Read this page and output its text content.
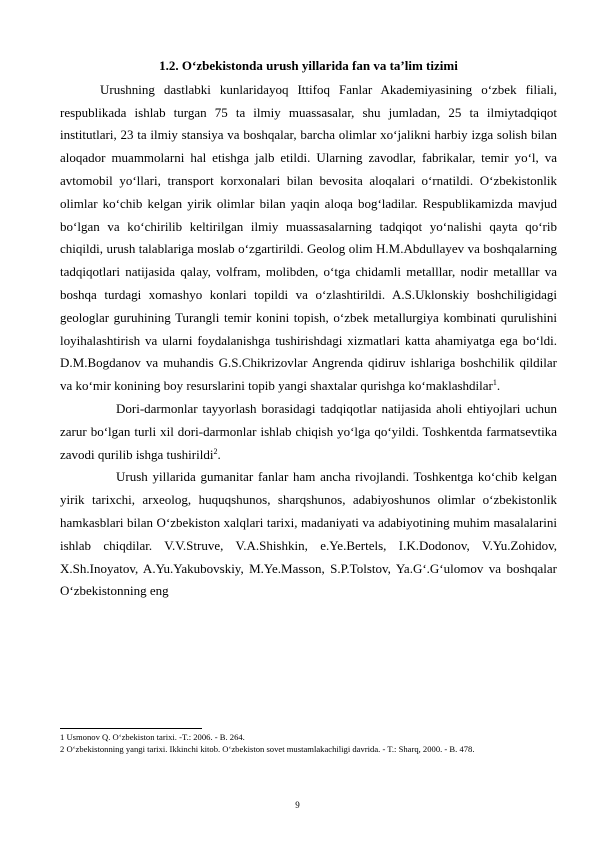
1.2. O‘zbekistonda urush yillarida fan va ta’lim tizimi

Urushning dastlabki kunlaridayoq Ittifoq Fanlar Akademiyasining o‘zbek filiali, respublikada ishlab turgan 75 ta ilmiy muassasalar, shu jumladan, 25 ta ilmiytadqiqot institutlari, 23 ta ilmiy stansiya va boshqalar, barcha olimlar xo‘jalikni harbiy izga solish bilan aloqador muammolarni hal etishga jalb etildi. Ularning zavodlar, fabrikalar, temir yo‘l, va avtomobil yo‘llari, transport korxonalari bilan bevosita aloqalari o‘rnatildi. O‘zbekistonlik olimlar ko‘chib kelgan yirik olimlar bilan yaqin aloqa bog‘ladilar. Respublikamizda mavjud bo‘lgan va ko‘chirilib keltirilgan ilmiy muassasalarning tadqiqot yo‘nalishi qayta qo‘rib chiqildi, urush talablariga moslab o‘zgartirildi. Geolog olim H.M.Abdullayev va boshqalarning tadqiqotlari natijasida qalay, volfram, molibden, o‘tga chidamli metalllar, nodir metalllar va boshqa turdagi xomashyo konlari topildi va o‘zlashtirildi. A.S.Uklonskiy boshchiligidagi geologlar guruhining Turangli temir konini topish, o‘zbek metallurgiya kombinati qurulishini loyihalashtirish va ularni foydalanishga tushirishdagi xizmatlari katta ahamiyatga ega bo‘ldi. D.M.Bogdanov va muhandis G.S.Chikrizovlar Angrenda qidiruv ishlariga boshchilik qildilar va ko‘mir konining boy resurslarini topib yangi shaxtalar qurishga ko‘maklashdilar$^1$.

Dori-darmonlar tayyorlash borasidagi tadqiqotlar natijasida aholi ehtiyojlari uchun zarur bo‘lgan turli xil dori-darmonlar ishlab chiqish yo‘lga qo‘yildi. Toshkentda farmatsevtika zavodi qurilib ishga tushirildi$^2$.

Urush yillarida gumanitar fanlar ham ancha rivojlandi. Toshkentga ko‘chib kelgan yirik tarixchi, arxeolog, huquqshunos, sharqshunos, adabiyoshunos olimlar o‘zbekistonlik hamkasblari bilan O‘zbekiston xalqlari tarixi, madaniyati va adabiyotining muhim masalalarini ishlab chiqdilar. V.V.Struve, V.A.Shishkin, e.Ye.Bertels, I.K.Dodonov, V.Yu.Zohidov, X.Sh.Inoyatov, A.Yu.Yakubovskiy, M.Ye.Masson, S.P.Tolstov, Ya.G‘.G‘ulomov va boshqalar O‘zbekistonning eng

1 Usmonov Q. O‘zbekiston tarixi. -T.: 2006. - B. 264.

2 O‘zbekistonning yangi tarixi. Ikkinchi kitob. O‘zbekiston sovet mustamlakachiligi davrida. - T.: Sharq, 2000. - B. 478.

9
